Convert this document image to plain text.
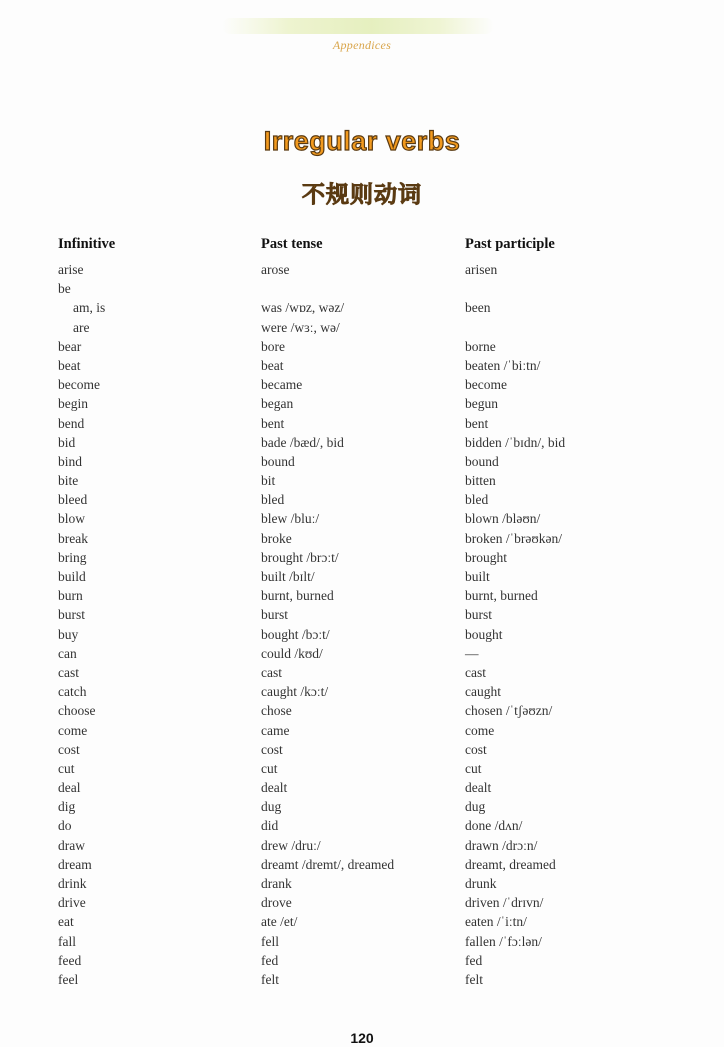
Appendices
Irregular verbs
不规则动词
Infinitive	Past tense	Past participle
arise	arose	arisen
be
am, is	was /wɒz, wəz/	been
are	were /wɜː, wə/
bear	bore	borne
beat	beat	beaten /ˈbiːtn/
become	became	become
begin	began	begun
bend	bent	bent
bid	bade /bæd/, bid	bidden /ˈbɪdn/, bid
bind	bound	bound
bite	bit	bitten
bleed	bled	bled
blow	blew /bluː/	blown /bləʊn/
break	broke	broken /ˈbrəʊkən/
bring	brought /brɔːt/	brought
build	built /bɪlt/	built
burn	burnt, burned	burnt, burned
burst	burst	burst
buy	bought /bɔːt/	bought
can	could /kʊd/	—
cast	cast	cast
catch	caught /kɔːt/	caught
choose	chose	chosen /ˈtʃəʊzn/
come	came	come
cost	cost	cost
cut	cut	cut
deal	dealt	dealt
dig	dug	dug
do	did	done /dʌn/
draw	drew /druː/	drawn /drɔːn/
dream	dreamt /dremt/, dreamed	dreamt, dreamed
drink	drank	drunk
drive	drove	driven /ˈdrɪvn/
eat	ate /et/	eaten /ˈiːtn/
fall	fell	fallen /ˈfɔːlən/
feed	fed	fed
feel	felt	felt
120
